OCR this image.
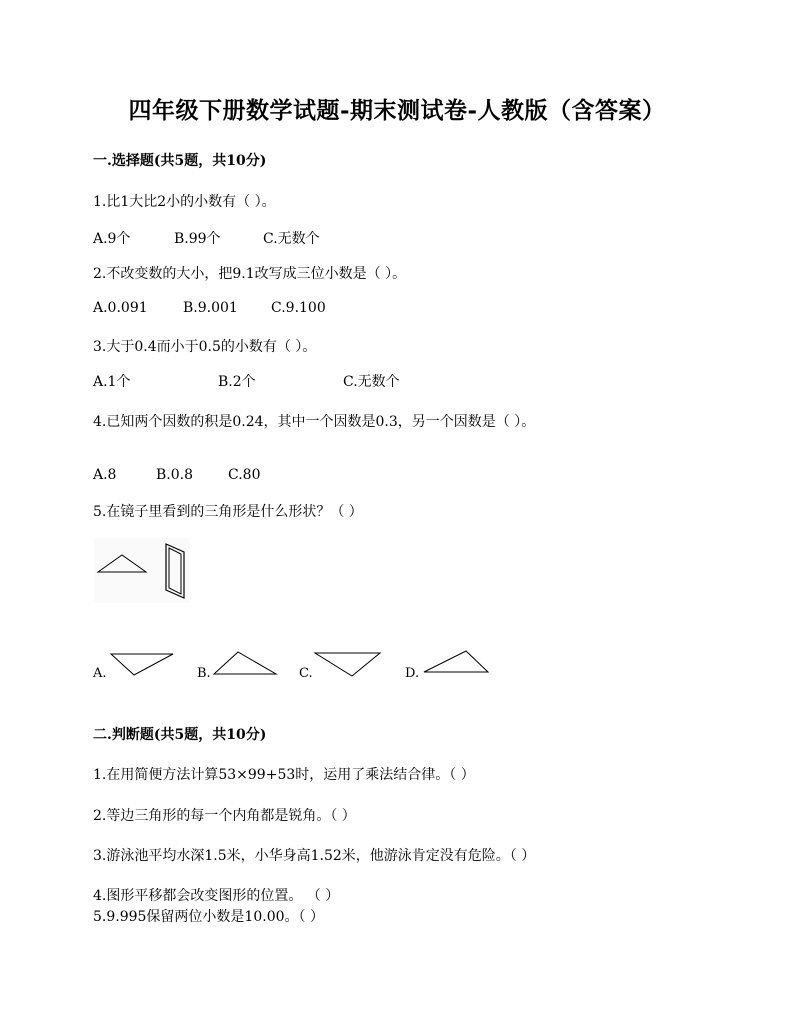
四年级下册数学试题-期末测试卷-人教版（含答案）
一.选择题(共5题，共10分)
1.比1大比2小的小数有（ ）。
A.9个	B.99个	C.无数个
2.不改变数的大小，把9.1改写成三位小数是（ ）。
A.0.091	B.9.001 C.9.100
3.大于0.4而小于0.5的小数有（ ）。
A.1个	B.2个	C.无数个
4.已知两个因数的积是0.24，其中一个因数是0.3，另一个因数是（ ）。
A.8	B.0.8 C.80
5.在镜子里看到的三角形是什么形状？（ ）
A.	B.	C.	D.
二.判断题(共5题，共10分)
1.在用简便方法计算53×99+53时，运用了乘法结合律。（ ）
2.等边三角形的每一个内角都是锐角。（ ）
3.游泳池平均水深1.5米，小华身高1.52米，他游泳肯定没有危险。（ ）
4.图形平移都会改变图形的位置。 （ ）
5.9.995保留两位小数是10.00。（ ）
